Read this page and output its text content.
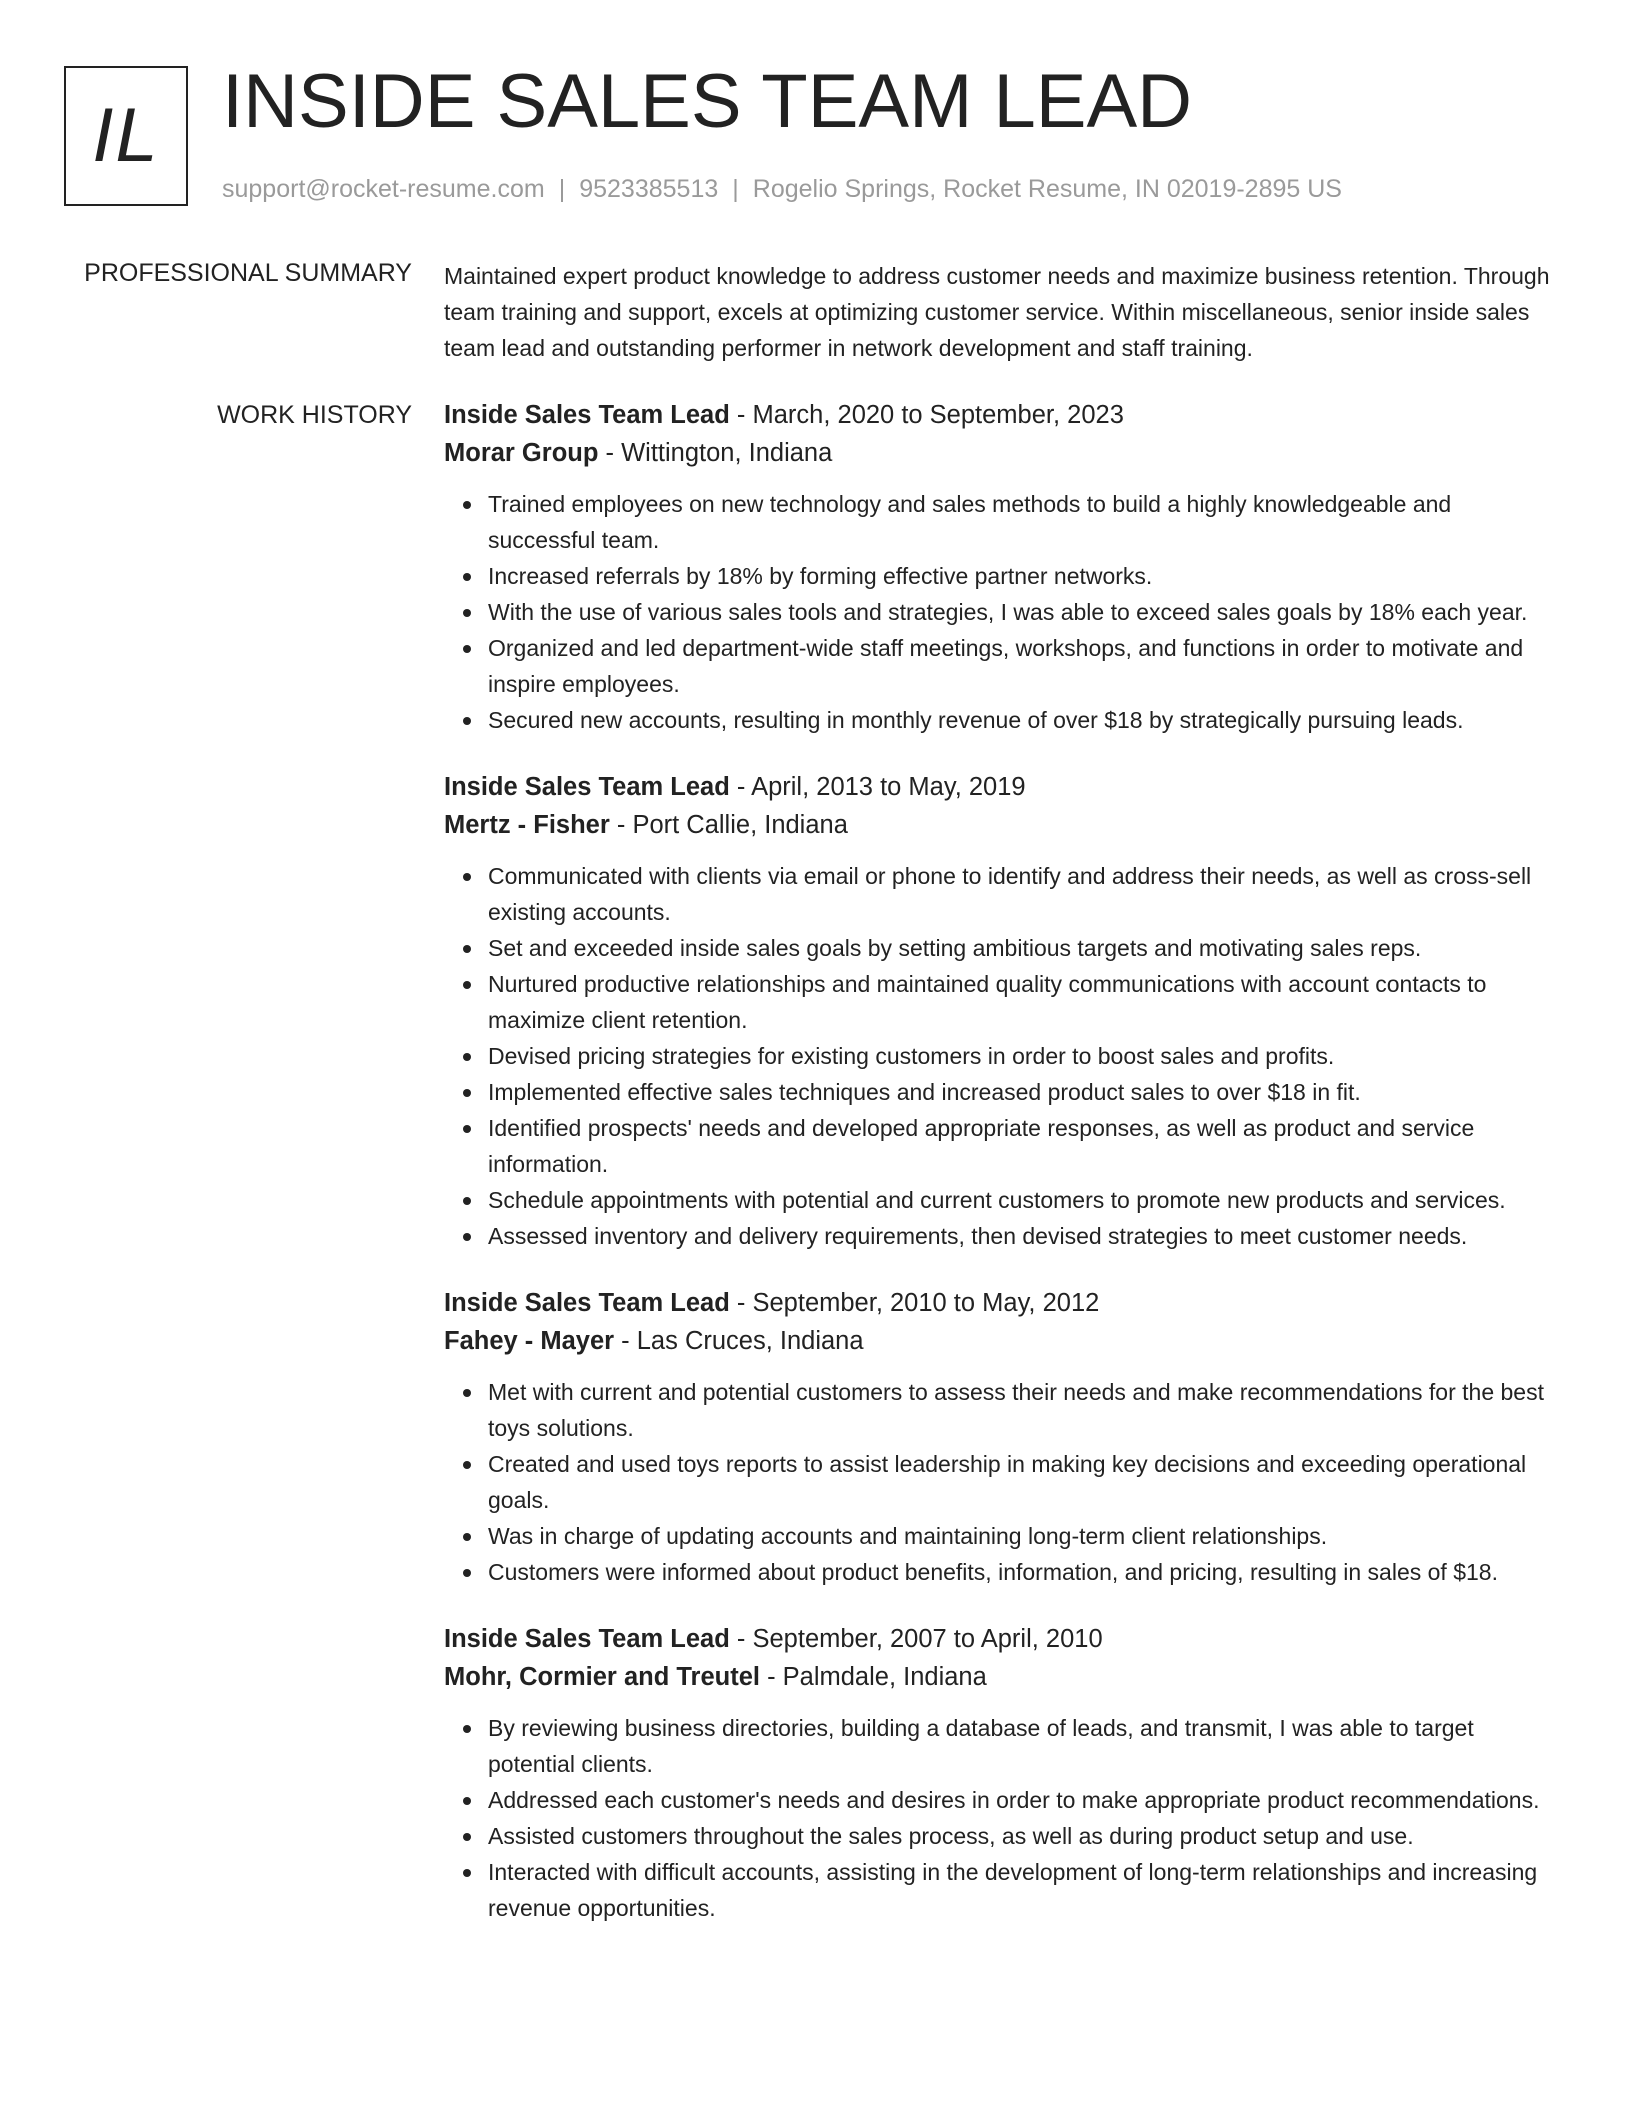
IL INSIDE SALES TEAM LEAD
support@rocket-resume.com | 9523385513 | Rogelio Springs, Rocket Resume, IN 02019-2895 US
PROFESSIONAL SUMMARY Maintained expert product knowledge to address customer needs and maximize business retention. Through team training and support, excels at optimizing customer service. Within miscellaneous, senior inside sales team lead and outstanding performer in network development and staff training.

WORK HISTORY Inside Sales Team Lead - March, 2020 to September, 2023

Morar Group - Wittington, Indiana

Trained employees on new technology and sales methods to build a highly knowledgeable and successful team.
Increased referrals by 18% by forming effective partner networks.
With the use of various sales tools and strategies, I was able to exceed sales goals by 18% each year.
Organized and led department-wide staff meetings, workshops, and functions in order to motivate and inspire employees.
Secured new accounts, resulting in monthly revenue of over $18 by strategically pursuing leads.

Inside Sales Team Lead - April, 2013 to May, 2019

Mertz - Fisher - Port Callie, Indiana

Communicated with clients via email or phone to identify and address their needs, as well as cross-sell existing accounts.
Set and exceeded inside sales goals by setting ambitious targets and motivating sales reps.
Nurtured productive relationships and maintained quality communications with account contacts to maximize client retention.
Devised pricing strategies for existing customers in order to boost sales and profits.
Implemented effective sales techniques and increased product sales to over $18 in fit.
Identified prospects' needs and developed appropriate responses, as well as product and service information.
Schedule appointments with potential and current customers to promote new products and services.
Assessed inventory and delivery requirements, then devised strategies to meet customer needs.

Inside Sales Team Lead - September, 2010 to May, 2012

Fahey - Mayer - Las Cruces, Indiana

Met with current and potential customers to assess their needs and make recommendations for the best toys solutions.
Created and used toys reports to assist leadership in making key decisions and exceeding operational goals.
Was in charge of updating accounts and maintaining long-term client relationships.
Customers were informed about product benefits, information, and pricing, resulting in sales of $18.

Inside Sales Team Lead - September, 2007 to April, 2010

Mohr, Cormier and Treutel - Palmdale, Indiana

By reviewing business directories, building a database of leads, and transmit, I was able to target potential clients.
Addressed each customer's needs and desires in order to make appropriate product recommendations.
Assisted customers throughout the sales process, as well as during product setup and use.
Interacted with difficult accounts, assisting in the development of long-term relationships and increasing revenue opportunities.
